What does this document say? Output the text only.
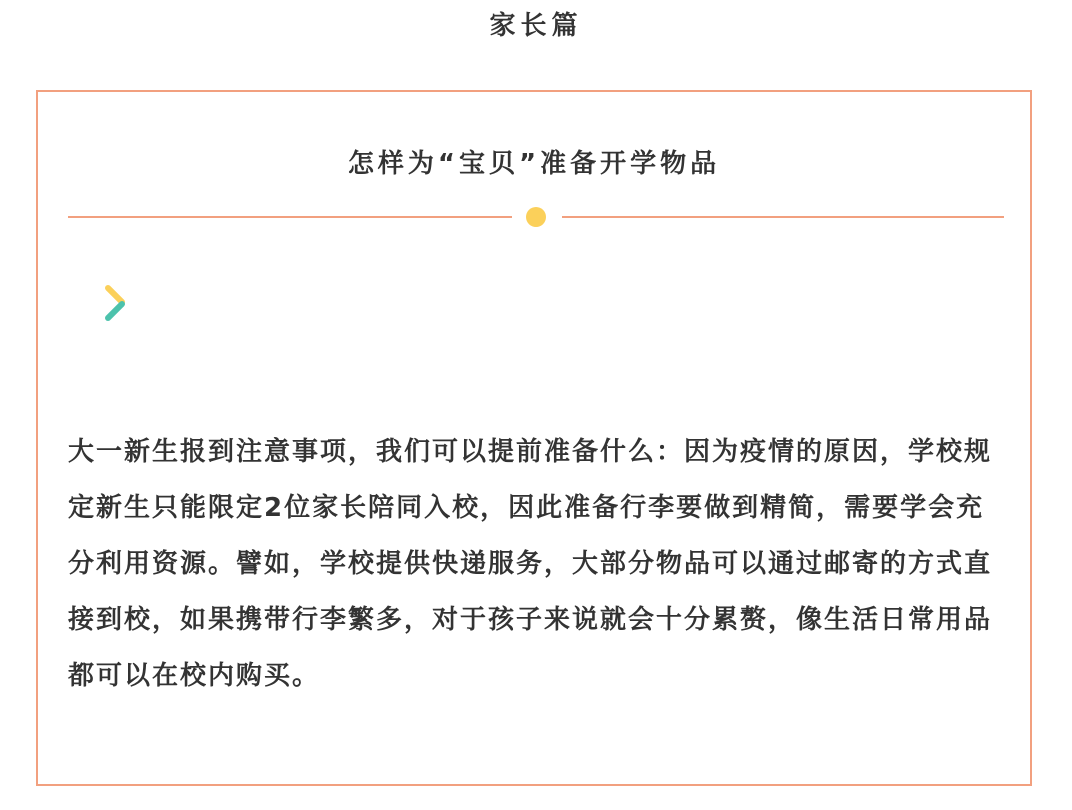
家长篇
怎样为“宝贝”准备开学物品

大一新生报到注意事项，我们可以提前准备什么：因为疫情的原因，学校规定新生只能限定2位家长陪同入校，因此准备行李要做到精简，需要学会充分利用资源。譬如，学校提供快递服务，大部分物品可以通过邮寄的方式直接到校，如果携带行李繁多，对于孩子来说就会十分累赘，像生活日常用品都可以在校内购买。
